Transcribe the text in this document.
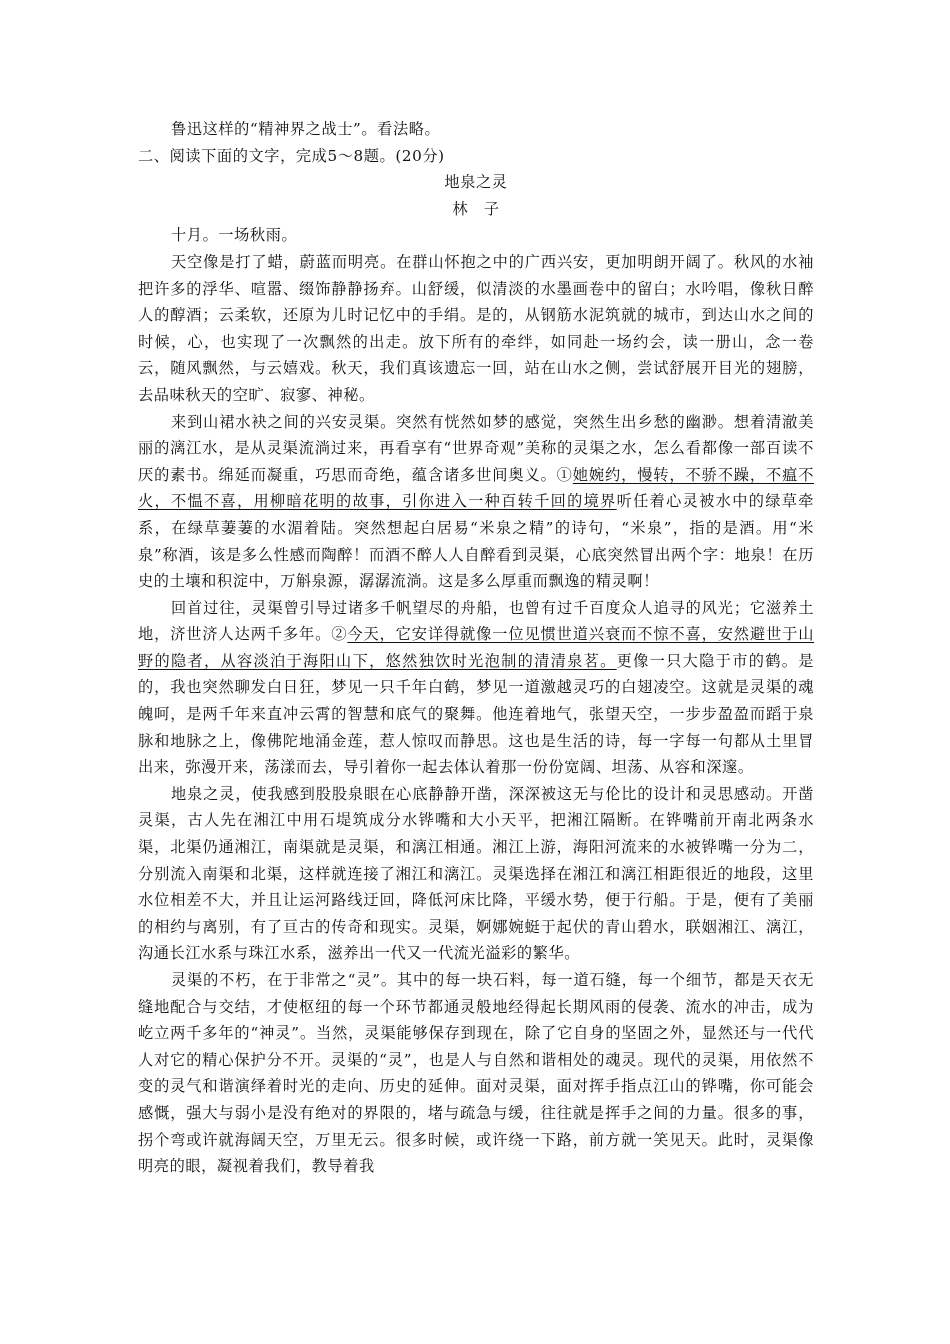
鲁迅这样的“精神界之战士”。看法略。
二、阅读下面的文字，完成5～8题。(20分)
地泉之灵
林　子

十月。一场秋雨。

天空像是打了蜡，蔚蓝而明亮。在群山怀抱之中的广西兴安，更加明朗开阔了。秋风的水袖把许多的浮华、喧嚣、缀饰静静扬弃。山舒缓，似清淡的水墨画卷中的留白；水吟唱，像秋日醉人的醇酒；云柔软，还原为儿时记忆中的手绢。是的，从钢筋水泥筑就的城市，到达山水之间的时候，心，也实现了一次飘然的出走。放下所有的牵绊，如同赴一场约会，读一册山，念一卷云，随风飘然，与云嬉戏。秋天，我们真该遗忘一回，站在山水之侧，尝试舒展开目光的翅膀，去品味秋天的空旷、寂寥、神秘。

来到山裙水袂之间的兴安灵渠。突然有恍然如梦的感觉，突然生出乡愁的幽渺。想着清澈美丽的漓江水，是从灵渠流淌过来，再看享有“世界奇观”美称的灵渠之水，怎么看都像一部百读不厌的素书。绵延而凝重，巧思而奇绝，蕴含诸多世间奥义。①她婉约，慢转，不骄不躁，不瘟不火，不愠不喜，用柳暗花明的故事，引你进入一种百转千回的境界听任着心灵被水中的绿草牵系，在绿草萋萋的水湄着陆。突然想起白居易“米泉之精”的诗句，“米泉”，指的是酒。用“米泉”称酒，该是多么性感而陶醉！而酒不醉人人自醉看到灵渠，心底突然冒出两个字：地泉！在历史的土壤和积淀中，万斛泉源，潺潺流淌。这是多么厚重而飘逸的精灵啊！

回首过往，灵渠曾引导过诸多千帆望尽的舟船，也曾有过千百度众人追寻的风光；它滋养土地，济世济人达两千多年。②今天，它安详得就像一位见惯世道兴衰而不惊不喜，安然避世于山野的隐者，从容淡泊于海阳山下，悠然独饮时光泡制的清清泉茗。更像一只大隐于市的鹤。是的，我也突然聊发白日狂，梦见一只千年白鹤，梦见一道激越灵巧的白翅凌空。这就是灵渠的魂魄呵，是两千年来直冲云霄的智慧和底气的聚舞。他连着地气，张望天空，一步步盈盈而蹈于泉脉和地脉之上，像佛陀地涌金莲，惹人惊叹而静思。这也是生活的诗，每一字每一句都从土里冒出来，弥漫开来，荡漾而去，导引着你一起去体认着那一份份宽阔、坦荡、从容和深邃。

地泉之灵，使我感到股股泉眼在心底静静开凿，深深被这无与伦比的设计和灵思感动。开凿灵渠，古人先在湘江中用石堤筑成分水铧嘴和大小天平，把湘江隔断。在铧嘴前开南北两条水渠，北渠仍通湘江，南渠就是灵渠，和漓江相通。湘江上游，海阳河流来的水被铧嘴一分为二，分别流入南渠和北渠，这样就连接了湘江和漓江。灵渠选择在湘江和漓江相距很近的地段，这里水位相差不大，并且让运河路线迂回，降低河床比降，平缓水势，便于行船。于是，便有了美丽的相约与离别，有了亘古的传奇和现实。灵渠，婀娜婉蜓于起伏的青山碧水，联姻湘江、漓江，沟通长江水系与珠江水系，滋养出一代又一代流光溢彩的繁华。

灵渠的不朽，在于非常之“灵”。其中的每一块石料，每一道石缝，每一个细节，都是天衣无缝地配合与交结，才使枢纽的每一个环节都通灵般地经得起长期风雨的侵袭、流水的冲击，成为屹立两千多年的“神灵”。当然，灵渠能够保存到现在，除了它自身的坚固之外，显然还与一代代人对它的精心保护分不开。灵渠的“灵”，也是人与自然和谐相处的魂灵。现代的灵渠，用依然不变的灵气和谐演绎着时光的走向、历史的延伸。面对灵渠，面对挥手指点江山的铧嘴，你可能会感慨，强大与弱小是没有绝对的界限的，堵与疏急与缓，往往就是挥手之间的力量。很多的事，拐个弯或许就海阔天空，万里无云。很多时候，或许绕一下路，前方就一笑见天。此时，灵渠像明亮的眼，凝视着我们，教导着我
